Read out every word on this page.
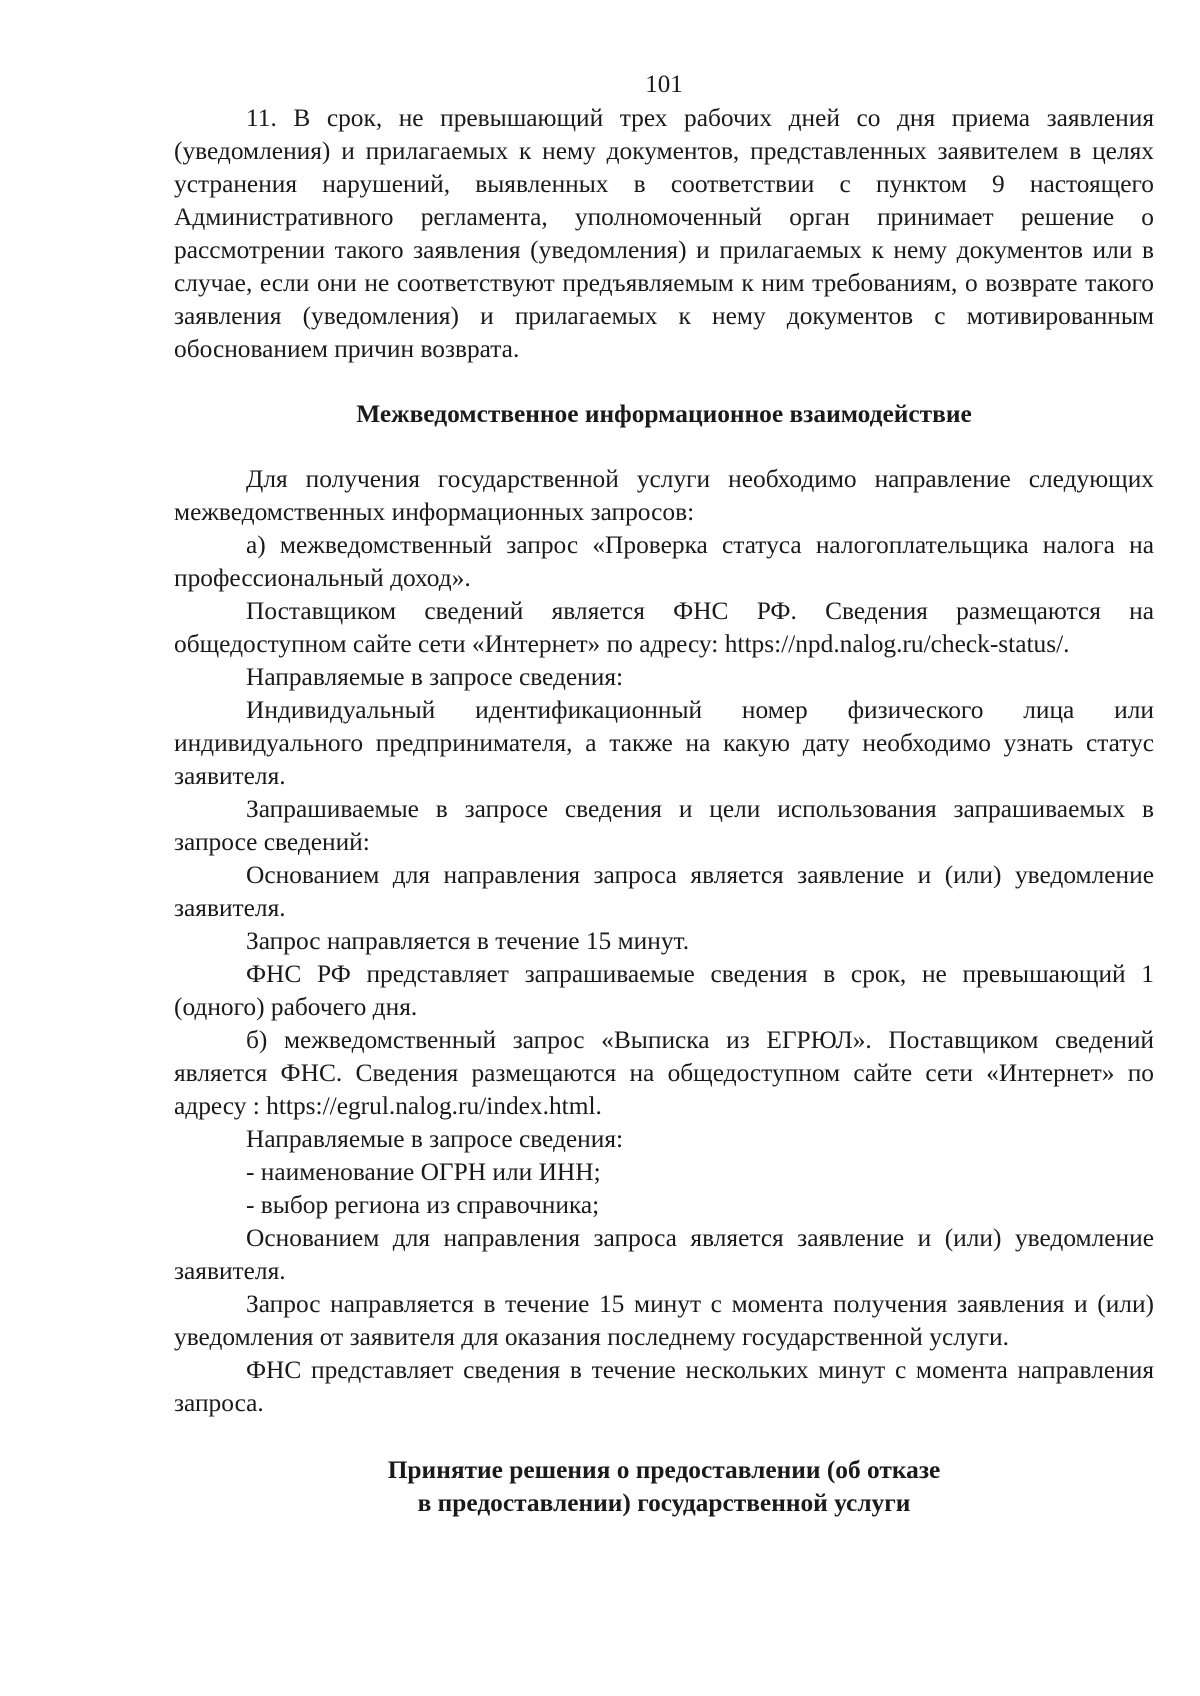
101

11. В срок, не превышающий трех рабочих дней со дня приема заявления (уведомления) и прилагаемых к нему документов, представленных заявителем в целях устранения нарушений, выявленных в соответствии с пунктом 9 настоящего Административного регламента, уполномоченный орган принимает решение о рассмотрении такого заявления (уведомления) и прилагаемых к нему документов или в случае, если они не соответствуют предъявляемым к ним требованиям, о возврате такого заявления (уведомления) и прилагаемых к нему документов с мотивированным обоснованием причин возврата.

Межведомственное информационное взаимодействие

Для получения государственной услуги необходимо направление следующих межведомственных информационных запросов:

а) межведомственный запрос «Проверка статуса налогоплательщика налога на профессиональный доход».

Поставщиком сведений является ФНС РФ. Сведения размещаются на общедоступном сайте сети «Интернет» по адресу: https://npd.nalog.ru/check-status/.

Направляемые в запросе сведения:

Индивидуальный идентификационный номер физического лица или индивидуального предпринимателя, а также на какую дату необходимо узнать статус заявителя.

Запрашиваемые в запросе сведения и цели использования запрашиваемых в запросе сведений:

Основанием для направления запроса является заявление и (или) уведомление заявителя.

Запрос направляется в течение 15 минут.

ФНС РФ представляет запрашиваемые сведения в срок, не превышающий 1 (одного) рабочего дня.

б) межведомственный запрос «Выписка из ЕГРЮЛ». Поставщиком сведений является ФНС. Сведения размещаются на общедоступном сайте сети «Интернет» по адресу : https://egrul.nalog.ru/index.html.

Направляемые в запросе сведения:

- наименование ОГРН или ИНН;

- выбор региона из справочника;

Основанием для направления запроса является заявление и (или) уведомление заявителя.

Запрос направляется в течение 15 минут с момента получения заявления и (или) уведомления от заявителя для оказания последнему государственной услуги.

ФНС представляет сведения в течение нескольких минут с момента направления запроса.

Принятие решения о предоставлении (об отказе
в предоставлении) государственной услуги
